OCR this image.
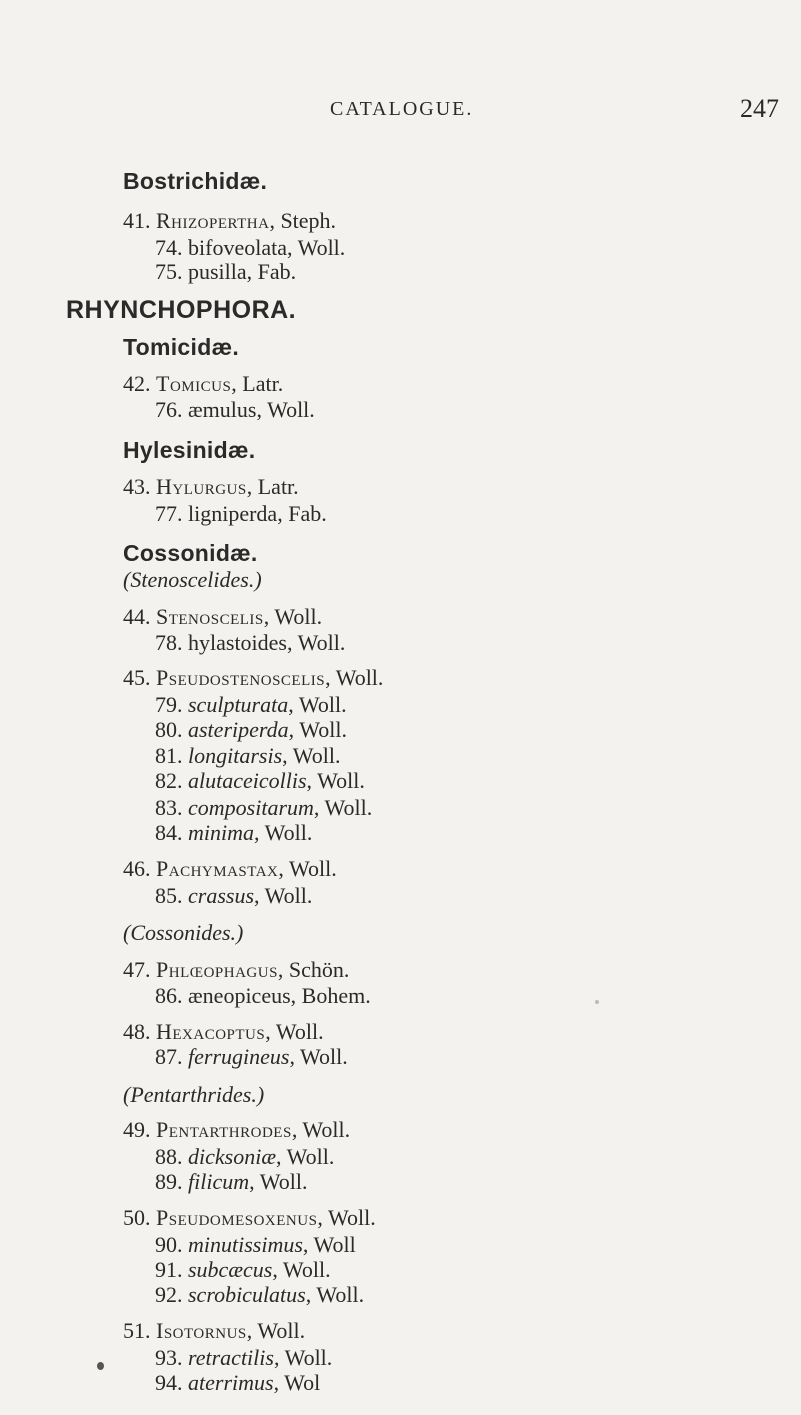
CATALOGUE.	247
Bostrichidæ.
41. Rhizopertha, Steph.
74. bifoveolata, Woll.
75. pusilla, Fab.
RHYNCHOPHORA.
Tomicidæ.
42. Tomicus, Latr.
76. æmulus, Woll.
Hylesinidæ.
43. Hylurgus, Latr.
77. ligniperda, Fab.
Cossonidæ.
(Stenoscelides.)
44. Stenoscelis, Woll.
78. hylastoides, Woll.
45. Pseudostenoscelis, Woll.
79. sculpturata, Woll.
80. asteriperda, Woll.
81. longitarsis, Woll.
82. alutaceicollis, Woll.
83. compositarum, Woll.
84. minima, Woll.
46. Pachymastax, Woll.
85. crassus, Woll.
(Cossonides.)
47. Phlœophagus, Schön.
86. æneopiceus, Bohem.
48. Hexacoptus, Woll.
87. ferrugineus, Woll.
(Pentarthrides.)
49. Pentarthrodes, Woll.
88. dicksoniæ, Woll.
89. filicum, Woll.
50. Pseudomesoxenus, Woll.
90. minutissimus, Woll
91. subcæcus, Woll.
92. scrobiculatus, Woll.
51. Isotornus, Woll.
93. retractilis, Woll.
94. aterrimus, Wol
